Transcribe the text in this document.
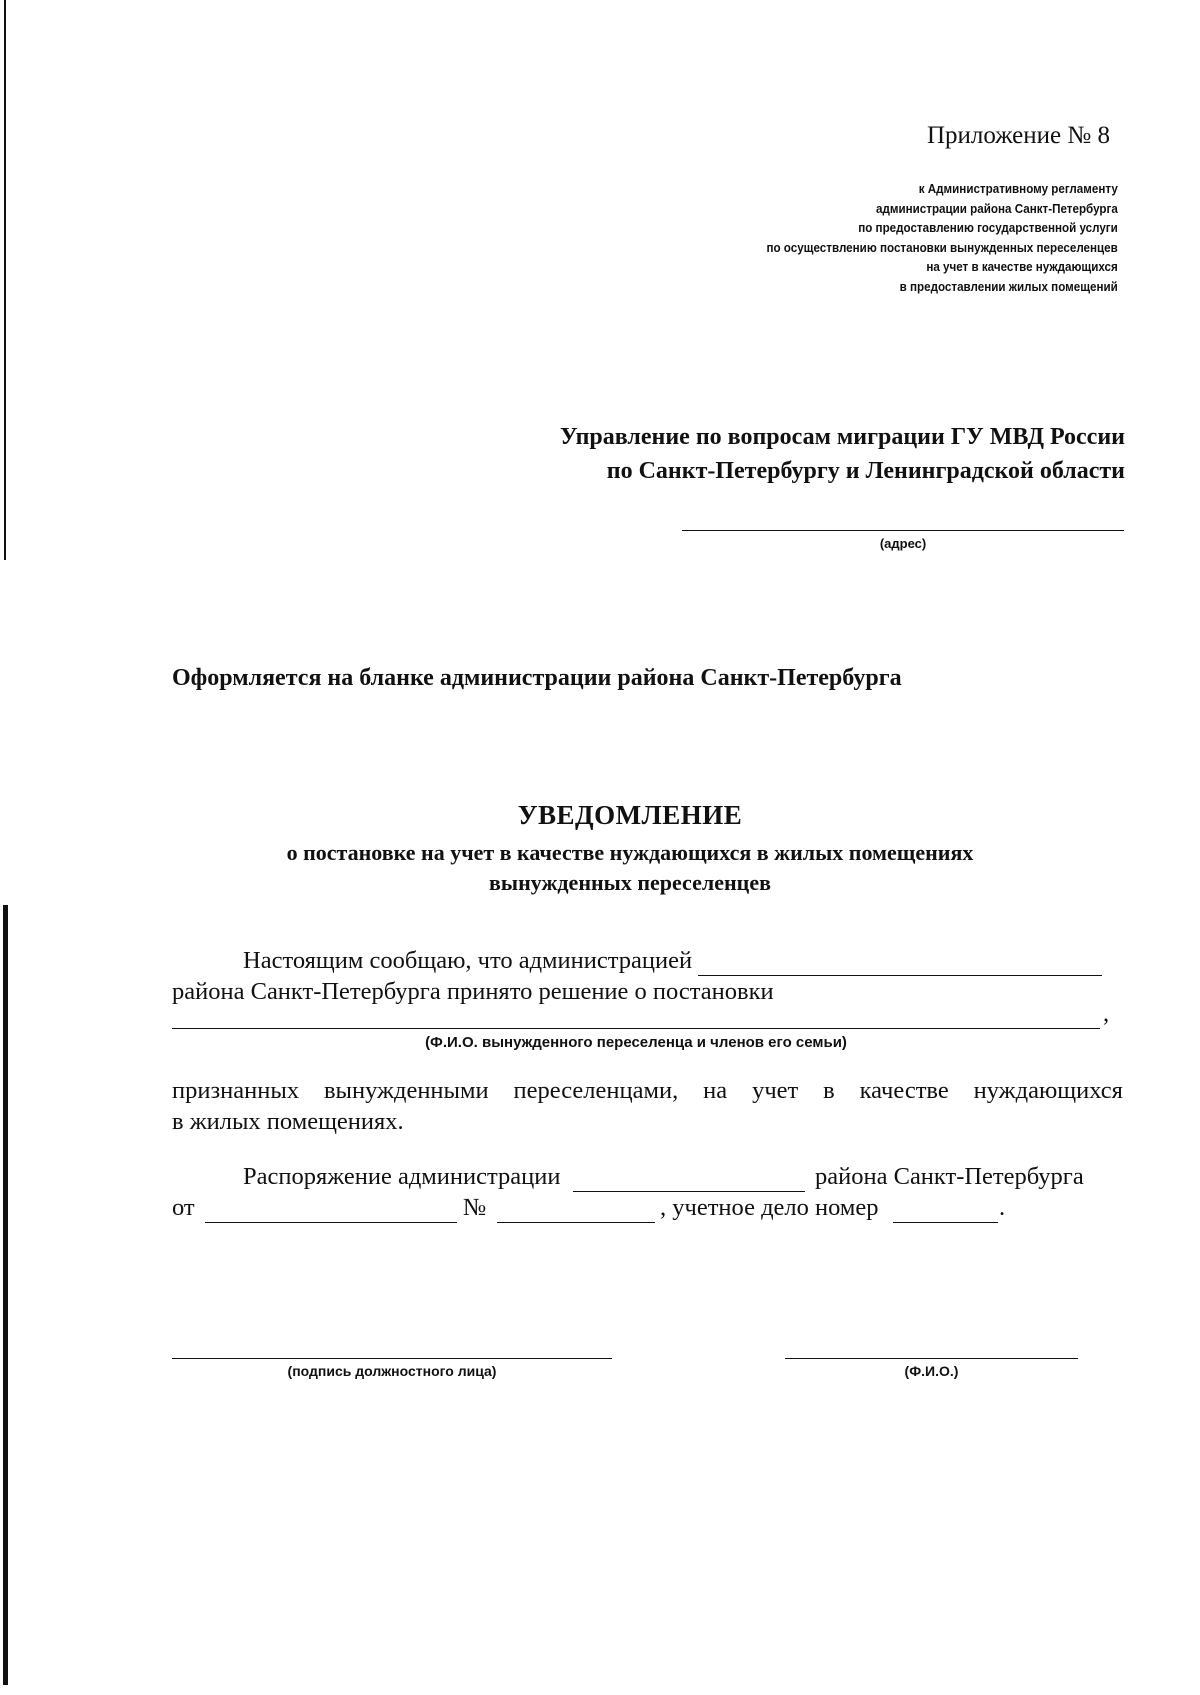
Приложение № 8
к Административному регламенту
администрации района Санкт-Петербурга
по предоставлению государственной услуги
по осуществлению постановки вынужденных переселенцев
на учет в качестве нуждающихся
в предоставлении жилых помещений
Управление по вопросам миграции ГУ МВД России
по Санкт-Петербургу и Ленинградской области
(адрес)
Оформляется на бланке администрации района Санкт-Петербурга
УВЕДОМЛЕНИЕ
о постановке на учет в качестве нуждающихся в жилых помещениях
вынужденных переселенцев
Настоящим сообщаю, что администрацией
района Санкт-Петербурга принято решение о постановки
,
(Ф.И.О. вынужденного переселенца и членов его семьи)
признанных вынужденными переселенцами, на учет в качестве нуждающихся
в жилых помещениях.
Распоряжение администрации	района Санкт-Петербурга
от	№	, учетное дело номер	.
(подпись должностного лица)	(Ф.И.О.)
